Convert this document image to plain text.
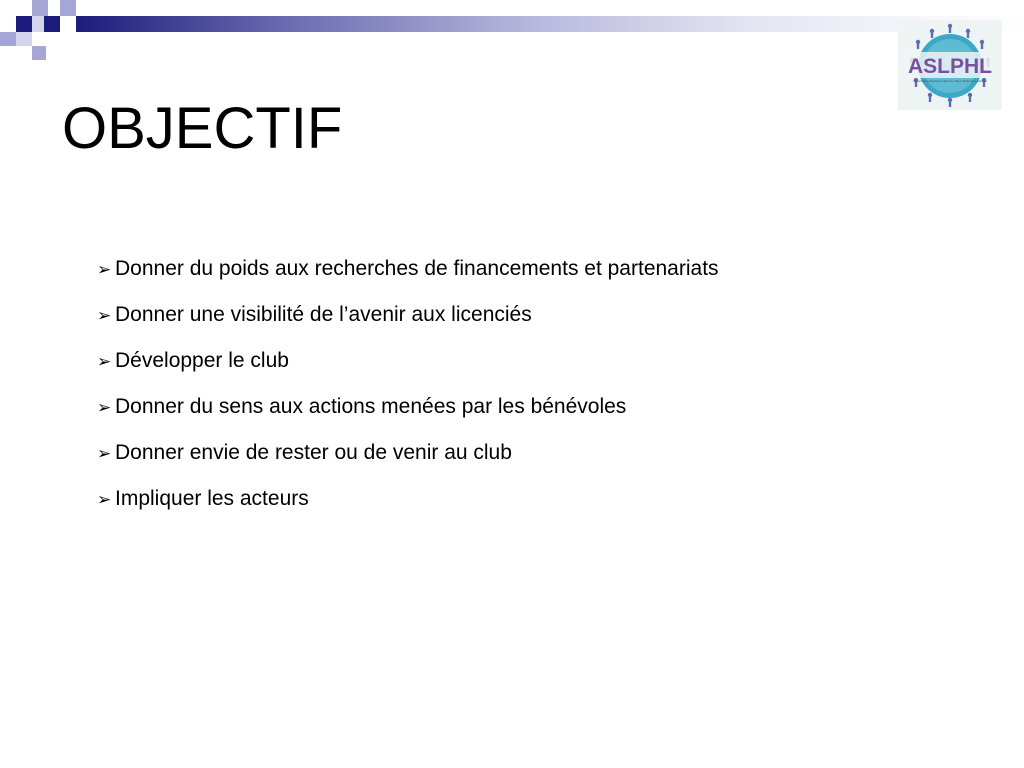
OBJECTIF
ASLPHL
Association Sportive Loisirs du Pays d'Hérault Lodévois
➢ Donner du poids aux recherches de financements et partenariats
➢ Donner une visibilité de l’avenir aux licenciés
➢ Développer le club
➢ Donner du sens aux actions menées par les bénévoles
➢ Donner envie de rester ou de venir au club
➢ Impliquer les acteurs
